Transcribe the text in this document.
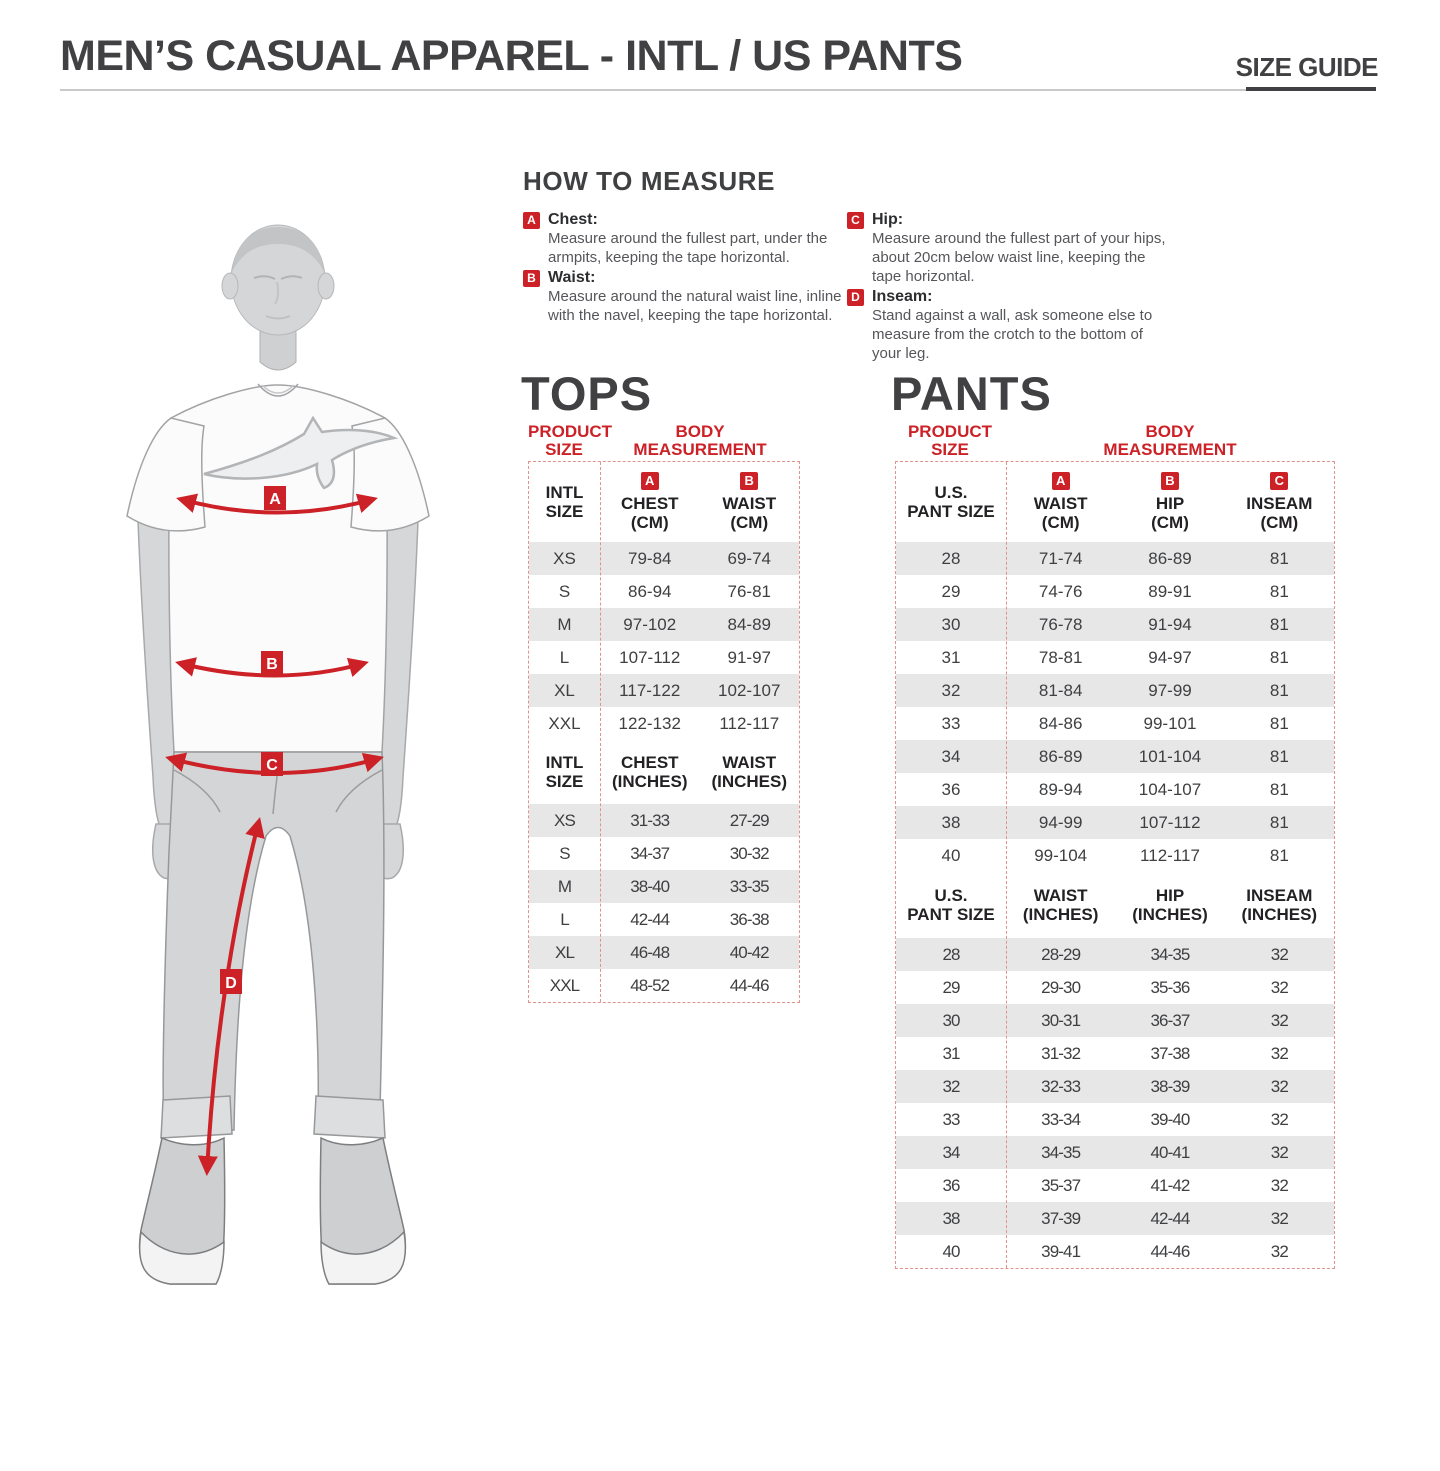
MEN’S CASUAL APPAREL - INTL / US PANTS	SIZE GUIDE
HOW TO MEASURE
A Chest:
Measure around the fullest part, under the armpits, keeping the tape horizontal.
B Waist:
Measure around the natural waist line, inline with the navel, keeping the tape horizontal.
C Hip:
Measure around the fullest part of your hips, about 20cm below waist line, keeping the tape horizontal.
D Inseam:
Stand against a wall, ask someone else to measure from the crotch to the bottom of your leg.
A
B
C
D
TOPS
PRODUCT
SIZE
BODY
MEASUREMENT
INTL
SIZE
A
CHEST
(CM)
B
WAIST
(CM)
XS	79-84	69-74
S	86-94	76-81
M	97-102	84-89
L	107-112	91-97
XL	117-122	102-107
XXL	122-132	112-117
INTL
SIZE
CHEST
(INCHES)
WAIST
(INCHES)
XS	31-33	27-29
S	34-37	30-32
M	38-40	33-35
L	42-44	36-38
XL	46-48	40-42
XXL	48-52	44-46
PANTS
PRODUCT
SIZE
BODY
MEASUREMENT
U.S.
PANT SIZE
A
WAIST
(CM)
B
HIP
(CM)
C
INSEAM
(CM)
28	71-74	86-89	81
29	74-76	89-91	81
30	76-78	91-94	81
31	78-81	94-97	81
32	81-84	97-99	81
33	84-86	99-101	81
34	86-89	101-104	81
36	89-94	104-107	81
38	94-99	107-112	81
40	99-104	112-117	81
U.S.
PANT SIZE
WAIST
(INCHES)
HIP
(INCHES)
INSEAM
(INCHES)
28	28-29	34-35	32
29	29-30	35-36	32
30	30-31	36-37	32
31	31-32	37-38	32
32	32-33	38-39	32
33	33-34	39-40	32
34	34-35	40-41	32
36	35-37	41-42	32
38	37-39	42-44	32
40	39-41	44-46	32
